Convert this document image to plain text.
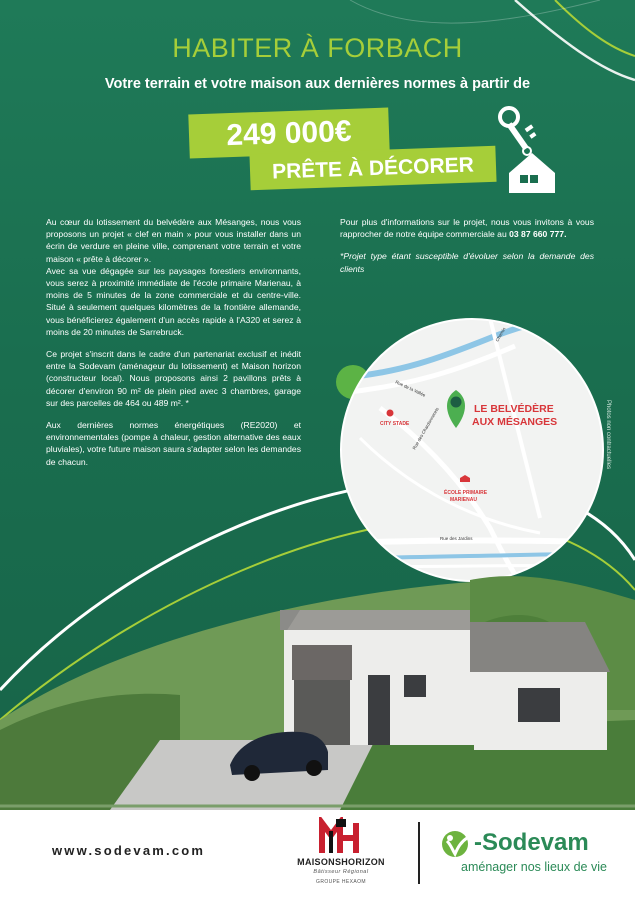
HABITER À FORBACH
Votre terrain et votre maison aux dernières normes à partir de
249 000€
PRÊTE À DÉCORER

Au cœur du lotissement du belvédère aux Mésanges, nous vous proposons un projet « clef en main » pour vous installer dans un écrin de verdure en pleine ville, comprenant votre terrain et votre maison « prête à décorer ».

Avec sa vue dégagée sur les paysages forestiers environnants, vous serez à proximité immédiate de l'école primaire Marienau, à moins de 5 minutes de la zone commerciale et du centre-ville. Situé à seulement quelques kilomètres de la frontière allemande, vous bénéficierez également d'un accès rapide à l'A320 et serez à moins de 20 minutes de Sarrebruck.

Ce projet s'inscrit dans le cadre d'un partenariat exclusif et inédit entre la Sodevam (aménageur du lotissement) et Maison horizon (constructeur local). Nous proposons ainsi 2 pavillons prêts à décorer d'environ 90 m² de plein pied avec 3 chambres, garage sur des parcelles de 464 ou 489 m². *

Aux dernières normes énergétiques (RE2020) et environnementales (pompe à chaleur, gestion alternative des eaux pluviales), votre future maison saura s'adapter selon les demandes de chacun.

Pour plus d'informations sur le projet, nous vous invitons à vous rapprocher de notre équipe commerciale au 03 87 660 777.

*Projet type étant susceptible d'évoluer selon la demande des clients

Rue de la Vallée
Chemin
Rue des Chardonnerets
Rue des Jardins
CITY STADE
ÉCOLE PRIMAIRE
MARIENAU
LE BELVÉDÈRE
AUX MÉSANGES	Photos non contractuelles
www.sodevam.com
MAISONSHORIZON
Bâtisseur Régional
GROUPE HEXAOM
-Sodevam
aménager nos lieux de vie
